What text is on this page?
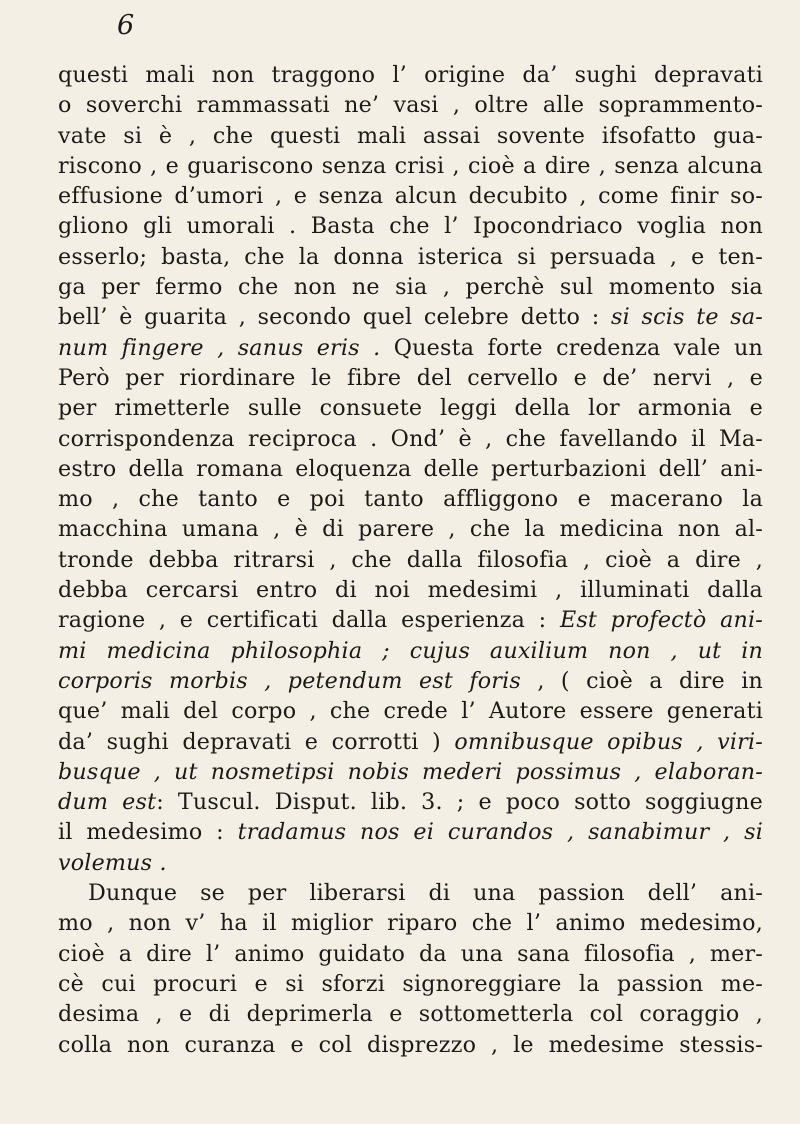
6
questi mali non traggono l’ origine da’ sughi depravati
o soverchi rammassati ne’ vasi , oltre alle soprammento-
vate si è , che questi mali assai sovente ifsofatto gua-
riscono , e guariscono senza crisi , cioè a dire , senza alcuna
effusione d’umori , e senza alcun decubito , come finir so-
gliono gli umorali . Basta che l’ Ipocondriaco voglia non
esserlo; basta, che la donna isterica si persuada , e ten-
ga per fermo che non ne sia , perchè sul momento sia
bell’ è guarita , secondo quel celebre detto : si scis te sa-
num fingere , sanus eris . Questa forte credenza vale un
Però per riordinare le fibre del cervello e de’ nervi , e
per rimetterle sulle consuete leggi della lor armonia e
corrispondenza reciproca . Ond’ è , che favellando il Ma-
estro della romana eloquenza delle perturbazioni dell’ ani-
mo , che tanto e poi tanto affliggono e macerano la
macchina umana , è di parere , che la medicina non al-
tronde debba ritrarsi , che dalla filosofia , cioè a dire ,
debba cercarsi entro di noi medesimi , illuminati dalla
ragione , e certificati dalla esperienza : Est profectò ani-
mi medicina philosophia ; cujus auxilium non , ut in
corporis morbis , petendum est foris , ( cioè a dire in
que’ mali del corpo , che crede l’ Autore essere generati
da’ sughi depravati e corrotti ) omnibusque opibus , viri-
busque , ut nosmetipsi nobis mederi possimus , elaboran-
dum est: Tuscul. Disput. lib. 3. ; e poco sotto soggiugne
il medesimo : tradamus nos ei curandos , sanabimur , si
volemus .
Dunque se per liberarsi di una passion dell’ ani-
mo , non v’ ha il miglior riparo che l’ animo medesimo,
cioè a dire l’ animo guidato da una sana filosofia , mer-
cè cui procuri e si sforzi signoreggiare la passion me-
desima , e di deprimerla e sottometterla col coraggio ,
colla non curanza e col disprezzo , le medesime stessis-
